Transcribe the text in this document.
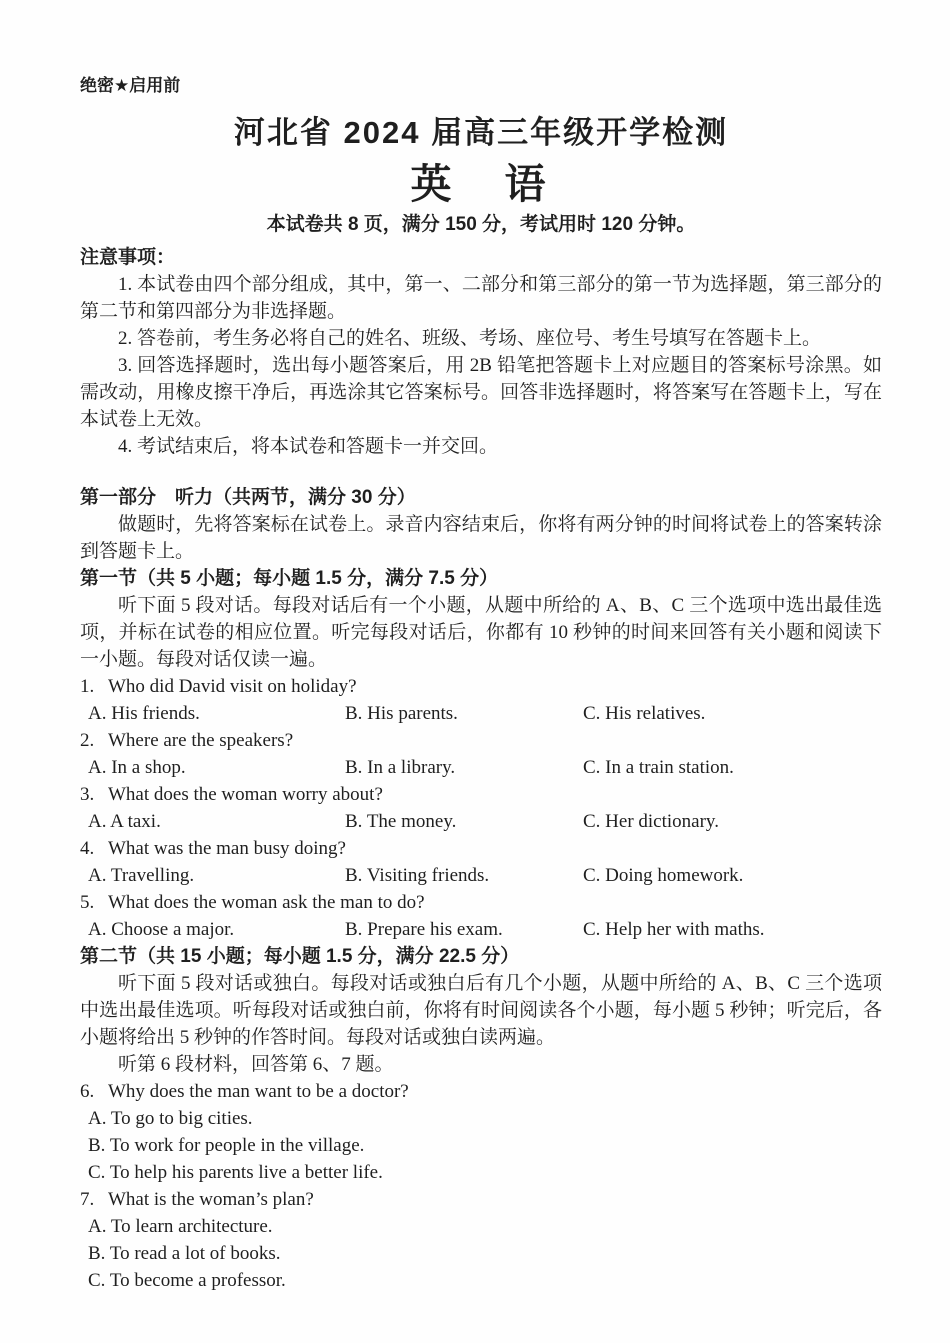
绝密★启用前
河北省 2024 届高三年级开学检测
英　语
本试卷共 8 页，满分 150 分，考试用时 120 分钟。
注意事项：

1. 本试卷由四个部分组成，其中，第一、二部分和第三部分的第一节为选择题，第三部分的第二节和第四部分为非选择题。

2. 答卷前，考生务必将自己的姓名、班级、考场、座位号、考生号填写在答题卡上。

3. 回答选择题时，选出每小题答案后，用 2B 铅笔把答题卡上对应题目的答案标号涂黑。如需改动，用橡皮擦干净后，再选涂其它答案标号。回答非选择题时，将答案写在答题卡上，写在本试卷上无效。

4. 考试结束后，将本试卷和答题卡一并交回。

第一部分　听力（共两节，满分 30 分）

做题时，先将答案标在试卷上。录音内容结束后，你将有两分钟的时间将试卷上的答案转涂到答题卡上。

第一节（共 5 小题；每小题 1.5 分，满分 7.5 分）

听下面 5 段对话。每段对话后有一个小题，从题中所给的 A、B、C 三个选项中选出最佳选项，并标在试卷的相应位置。听完每段对话后，你都有 10 秒钟的时间来回答有关小题和阅读下一小题。每段对话仅读一遍。

1. Who did David visit on holiday?
A. His friends.	B. His parents.	C. His relatives.
2. Where are the speakers?
A. In a shop.	B. In a library.	C. In a train station.
3. What does the woman worry about?
A. A taxi.	B. The money.	C. Her dictionary.
4. What was the man busy doing?
A. Travelling.	B. Visiting friends.	C. Doing homework.
5. What does the woman ask the man to do?
A. Choose a major.	B. Prepare his exam.	C. Help her with maths.
第二节（共 15 小题；每小题 1.5 分，满分 22.5 分）

听下面 5 段对话或独白。每段对话或独白后有几个小题，从题中所给的 A、B、C 三个选项中选出最佳选项。听每段对话或独白前，你将有时间阅读各个小题，每小题 5 秒钟；听完后，各小题将给出 5 秒钟的作答时间。每段对话或独白读两遍。

听第 6 段材料，回答第 6、7 题。

6. Why does the man want to be a doctor?
A. To go to big cities.
B. To work for people in the village.
C. To help his parents live a better life.
7. What is the woman’s plan?
A. To learn architecture.
B. To read a lot of books.
C. To become a professor.
